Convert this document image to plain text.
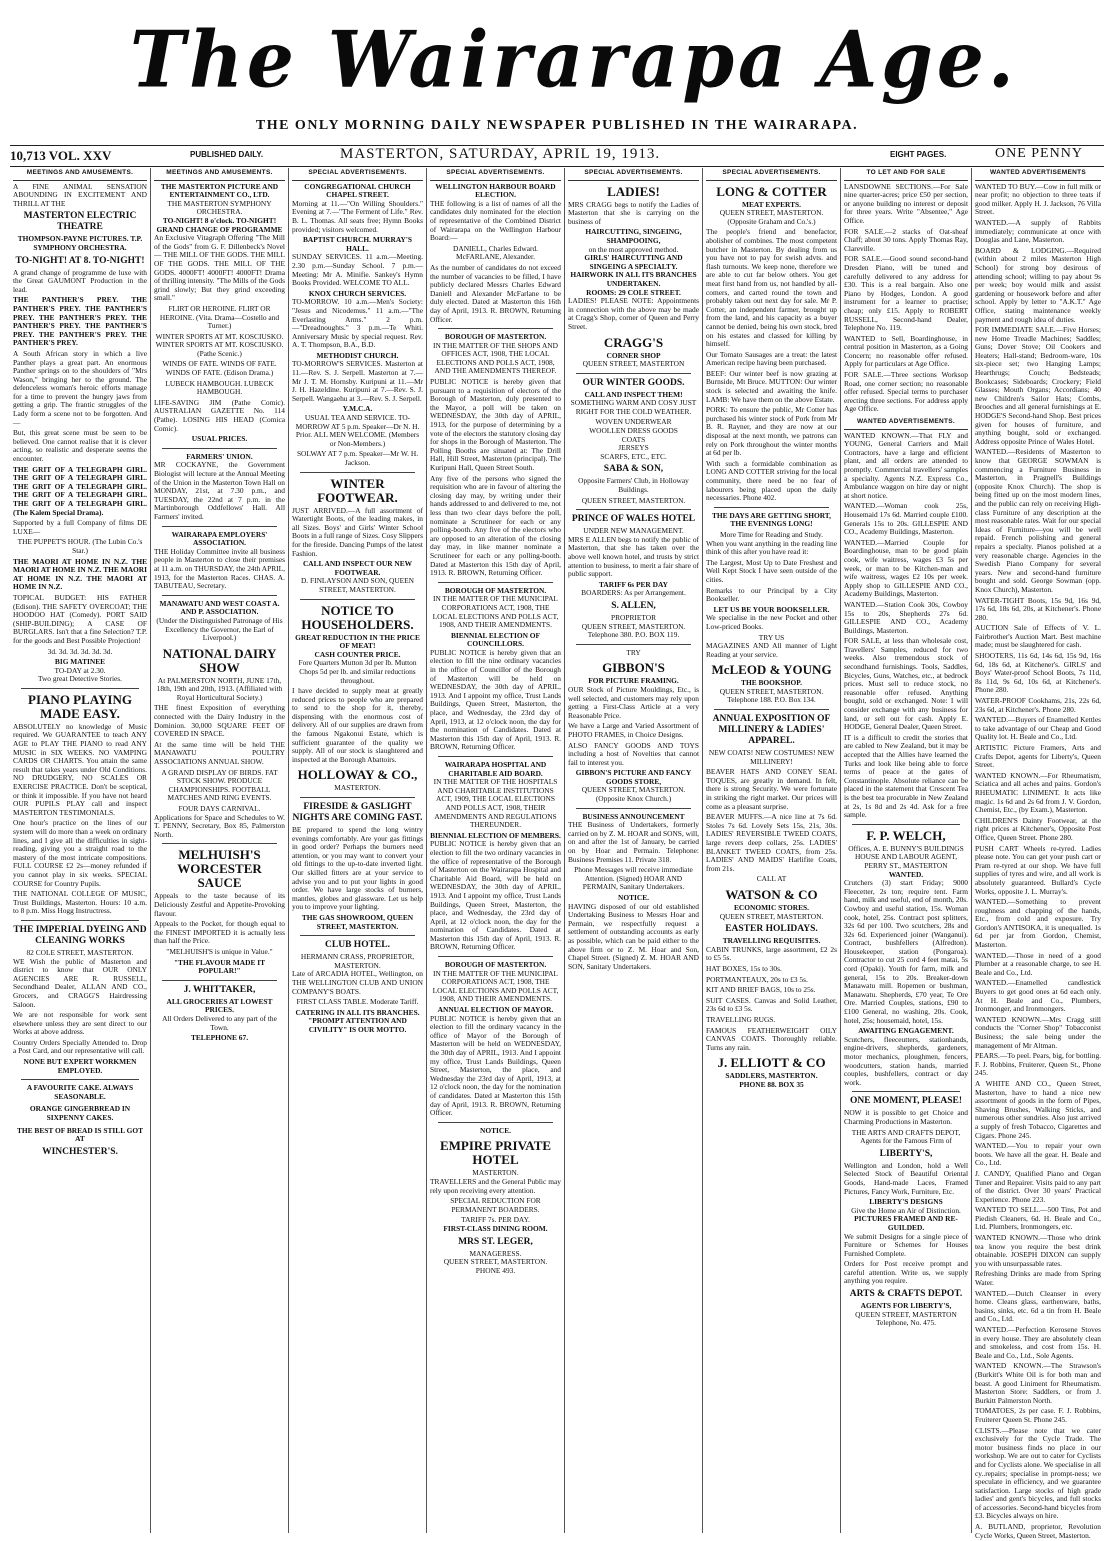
The Wairarapa Age.
THE ONLY MORNING DAILY NEWSPAPER PUBLISHED IN THE WAIRARAPA.
10,713 VOL. XXV	PUBLISHED DAILY.	MASTERTON, SATURDAY, APRIL 19, 1913.	EIGHT PAGES.	ONE PENNY
MEETINGS AND AMUSEMENTS.

A FINE ANIMAL SENSATION ABOUNDING IN EXCITEMENT AND THRILL AT THE

MASTERTON ELECTRIC THEATRE
THOMPSON-PAYNE PICTURES. T.P. SYMPHONY ORCHESTRA.
TO-NIGHT! AT 8. TO-NIGHT!

A grand change of programme de luxe with the Great GAUMONT Production in the lead.

THE PANTHER'S PREY. THE PANTHER'S PREY. THE PANTHER'S PREY. THE PANTHER'S PREY. THE PANTHER'S PREY. THE PANTHER'S PREY. THE PANTHER'S PREY. THE PANTHER'S PREY.

A South African story in which a live Panther plays a great part. An enormous Panther springs on to the shoulders of "Mrs Wason," bringing her to the ground. The defenceless woman's heroic efforts manage for a time to prevent the hungry jaws from getting a grip. The frantic struggles of the Lady form a scene not to be forgotten. And—

But, this great scene must be seen to be believed. One cannot realise that it is clever acting, so realistic and desperate seems the encounter.

THE GRIT OF A TELEGRAPH GIRL. THE GRIT OF A TELEGRAPH GIRL. THE GRIT OF A TELEGRAPH GIRL. THE GRIT OF A TELEGRAPH GIRL. THE GRIT OF A TELEGRAPH GIRL. (The Kalem Special Drama).

Supported by a full Company of films DE LUXE—

THE PUPPET'S HOUR. (The Lubin Co.'s Star.)

THE MAORI AT HOME IN N.Z. THE MAORI AT HOME IN N.Z. THE MAORI AT HOME IN N.Z. THE MAORI AT HOME IN N.Z.

TOPICAL BUDGET: HIS FATHER (Edison). THE SAFETY OVERCOAT; THE HOODOO HAT (Comedy). PORT SAID (SHIP-BUILDING); A CASE OF BURGLARS. Isn't that a fine Selection? T.P. for the goods and Best Possible Projection!

3d. 3d. 3d. 3d. 3d. 3d.

BIG MATINEE
TO-DAY at 2.30.
Two great Detective Stories.
PIANO PLAYING MADE EASY.

ABSOLUTELY no knowledge of Music required. We GUARANTEE to teach ANY AGE to PLAY THE PIANO to read ANY MUSIC in SIX WEEKS. NO VAMPING CARDS OR CHARTS. You attain the same result that takes years under Old Conditions. NO DRUDGERY, NO SCALES OR EXERCISE PRACTICE. Don't be sceptical, or think it impossible. If you have not heard OUR PUPILS PLAY call and inspect MASTERTON TESTIMONIALS.

One hour's practice on the lines of our system will do more than a week on ordinary lines, and I give all the difficulties in sight-reading, giving you a straight road to the mastery of the most intricate compositions. FULL COURSE £2 2s—money refunded if you cannot play in six weeks. SPECIAL COURSE for Country Pupils.

THE NATIONAL COLLEGE OF MUSIC, Trust Buildings, Masterton. Hours: 10 a.m. to 8 p.m. Miss Hogg Instructress.

THE IMPERIAL DYEING AND CLEANING WORKS
82 COLE STREET, MASTERTON.

WE Wish the public of Masterton and district to know that OUR ONLY AGENCIES ARE R. RUSSELL, Secondhand Dealer, ALLAN AND CO., Grocers, and CRAGG'S Hairdressing Saloon.

We are not responsible for work sent elsewhere unless they are sent direct to our Works at above address.

Country Orders Specially Attended to. Drop a Post Card, and our representative will call.

NONE BUT EXPERT WORKMEN EMPLOYED.
A FAVOURITE CAKE. ALWAYS SEASONABLE.
ORANGE GINGERBREAD IN SIXPENNY CAKES.
THE BEST OF BREAD IS STILL GOT AT
WINCHESTER'S.
MEETINGS AND AMUSEMENTS.
THE MASTERTON PICTURE AND ENTERTAINMENT CO., LTD.
THE MASTERTON SYMPHONY ORCHESTRA.
TO-NIGHT! 8 o'clock. TO-NIGHT!
GRAND CHANGE OF PROGRAMME

An Exclusive Vitagraph Offering "The Mill of the Gods" from G. F. Dillenbeck's Novel— THE MILL OF THE GODS. THE MILL OF THE GODS. THE MILL OF THE GODS. 4000FT! 4000FT! 4000FT! Drama of thrilling intensity. "The Mills of the Gods grind slowly; But they grind exceeding small."

FLIRT OR HEROINE. FLIRT OR HEROINE. (Vita. Drama—Costello and Turner.)

WINTER SPORTS AT MT. KOSCIUSKO. WINTER SPORTS AT MT. KOSCIUSKO. (Pathe Scenic.)

WINDS OF FATE. WINDS OF FATE. WINDS OF FATE. (Edison Drama.)

LUBECK HAMBOUGH. LUBECK HAMBOUGH.

LIFE-SAVING JIM (Pathe Comic). AUSTRALIAN GAZETTE No. 114 (Pathe). LOSING HIS HEAD (Comica Comic).

USUAL PRICES.
FARMERS' UNION.

MR COCKAYNE, the Government Biologist will lecture at the Annual Meeting of the Union in the Masterton Town Hall on MONDAY, 21st, at 7.30 p.m., and TUESDAY, the 22nd at 7 p.m. in the Martinborough Oddfellows' Hall. All Farmers' invited.

WAIRARAPA EMPLOYERS' ASSOCIATION.

THE Holiday Committee invite all business people in Masterton to close their premises at 11 a.m. on THURSDAY, the 24th APRIL, 1913, for the Masterton Races. CHAS. A. TABUTEAU, Secretary.

MANAWATU AND WEST COAST A. AND P. ASSOCIATION.

(Under the Distinguished Patronage of His Excellency the Governor, the Earl of Liverpool.)

NATIONAL DAIRY SHOW

At PALMERSTON NORTH, JUNE 17th, 18th, 19th and 20th, 1913. (Affiliated with Royal Horticultural Society.)

THE finest Exposition of everything connected with the Dairy Industry in the Dominion. 30,000 SQUARE FEET OF COVERED IN SPACE.

At the same time will be held THE MANAWATU POULTRY ASSOCIATIONS ANNUAL SHOW.

A GRAND DISPLAY OF BIRDS. FAT STOCK SHOW. PRODUCE CHAMPIONSHIPS. FOOTBALL MATCHES AND RING EVENTS.

FOUR DAYS CARNIVAL.

Applications for Space and Schedules to W. T. PENNY, Secretary, Box 85, Palmerston North.

MELHUISH'S WORCESTER SAUCE

Appeals to the taste because of its Deliciously Zestful and Appetite-Provoking flavour.

Appeals to the Pocket, for though equal to the FINEST IMPORTED it is actually less than half the Price.

"MELHUISH'S is unique in Value."

"THE FLAVOUR MADE IT POPULAR!"
J. WHITTAKER,
ALL GROCERIES AT LOWEST PRICES.

All Orders Delivered to any part of the Town.

TELEPHONE 67.
SPECIAL ADVERTISEMENTS.
CONGREGATIONAL CHURCH CHAPEL STREET.

Morning at 11.—"On Willing Shoulders." Evening at 7.—"The Ferment of Life." Rev. B. L. Thomas. All seats free; Hymn Books provided; visitors welcomed.

BAPTIST CHURCH. MURRAY'S HALL.

SUNDAY SERVICES. 11 a.m.—Meeting. 2.30 p.m.—Sunday School. 7 p.m.—Meeting: Mr A. Minifie. Sankey's Hymn Books Provided. WELCOME TO ALL.

KNOX CHURCH SERVICES.

TO-MORROW. 10 a.m.—Men's Society: "Jesus and Nicodemus." 11 a.m.—"The Everlasting Arms." 2 p.m.—"Dreadnoughts." 3 p.m.—Te Whiti. Anniversary Music by special request. Rev. A. T. Thompson, B.A., B.D.

METHODIST CHURCH.

TO-MORROW'S SERVICES. Masterton at 11.—Rev. S. J. Serpell. Masterton at 7.—Mr J. T. M. Hornsby. Kuripuni at 11.—Mr J. H. Hazeldine. Kuripuni at 7.—Rev. S. J. Serpell. Wangaehu at 3.—Rev. S. J. Serpell.

Y.M.C.A.

USUAL TEA AND SERVICE. TO-MORROW AT 5 p.m. Speaker—Dr N. H. Prior. ALL MEN WELCOME. (Members or Non-Members.)

SOLWAY AT 7 p.m. Speaker—Mr W. H. Jackson.

WINTER FOOTWEAR.

JUST ARRIVED.—A full assortment of Watertight Boots, of the leading makes, in all Sizes. Boys' and Girls' Winter School Boots in a full range of Sizes. Cosy Slippers for the fireside. Dancing Pumps of the latest Fashion.

CALL AND INSPECT OUR NEW FOOTWEAR.
D. FINLAYSON AND SON, QUEEN STREET, MASTERTON.
NOTICE TO HOUSEHOLDERS.
GREAT REDUCTION IN THE PRICE OF MEAT!
CASH COUNTER PRICE.

Fore Quarters Mutton 3d per lb. Mutton Chops 5d per lb. and similar reductions throughout.

I have decided to supply meat at greatly reduced prices to people who are prepared to send to the shop for it, thereby, dispensing with the enormous cost of delivery. All of our supplies are drawn from the famous Ngakonui Estate, which is sufficient guarantee of the quality we supply. All of our stock is slaughtered and inspected at the Borough Abattoirs.

HOLLOWAY & CO.,
MASTERTON.
FIRESIDE & GASLIGHT NIGHTS ARE COMING FAST.

BE prepared to spend the long wintry evenings comfortably. Are your gas fittings in good order? Perhaps the burners need attention, or you may want to convert your old fittings to the up-to-date inverted light. Our skilled fitters are at your service to advise you and to put your lights in good order. We have large stocks of burners, mantles, globes and glassware. Let us help you to improve your lighting.

THE GAS SHOWROOM, QUEEN STREET, MASTERTON.
CLUB HOTEL.
HERMANN CRASS, PROPRIETOR, MASTERTON.

Late of ARCADIA HOTEL, Wellington, on THE WELLINGTON CLUB AND UNION COMPANY'S BOATS.

FIRST CLASS TABLE. Moderate Tariff.

CATERING IN ALL ITS BRANCHES.
"PROMPT ATTENTION AND CIVILITY" IS OUR MOTTO.
SPECIAL ADVERTISEMENTS.
WELLINGTON HARBOUR BOARD ELECTION.

THE following is a list of names of all the candidates duly nominated for the election of representative of the Combined District of Wairarapa on the Wellington Harbour Board:—

DANIELL, Charles Edward. McFARLANE, Alexander.

As the number of candidates do not exceed the number of vacancies to be filled, I have publicly declared Messrs Charles Edward Daniell and Alexander McFarlane to be duly elected. Dated at Masterton this 16th day of April, 1913. R. BROWN, Returning Officer.

BOROUGH OF MASTERTON.

IN THE MATTER OF THE SHOPS AND OFFICES ACT, 1908, THE LOCAL ELECTIONS AND POLLS ACT, 1908, AND THE AMENDMENTS THEREOF.

PUBLIC NOTICE is hereby given that pursuant to a requisition of electors of the Borough of Masterton, duly presented to the Mayor, a poll will be taken on WEDNESDAY, the 30th day of APRIL, 1913, for the purpose of determining by a vote of the electors the statutory closing day for shops in the Borough of Masterton. The Polling Booths are situated at: The Drill Hall, Hill Street, Masterton (principal). The Kuripuni Hall, Queen Street South.

Any five of the persons who signed the requisition who are in favour of altering the closing day may, by writing under their hands addressed to and delivered to me, not less than two clear days before the poll, nominate a Scrutineer for each or any polling-booth. Any five of the electors who are opposed to an alteration of the closing day may, in like manner nominate a Scrutineer for each or any polling-booth. Dated at Masterton this 15th day of April, 1913. R. BROWN, Returning Officer.

BOROUGH OF MASTERTON.

IN THE MATTER OF THE MUNICIPAL CORPORATIONS ACT, 1908, THE LOCAL ELECTIONS AND POLLS ACT, 1908, AND THEIR AMENDMENTS.

BIENNIAL ELECTION OF COUNCILLORS.

PUBLIC NOTICE is hereby given that an election to fill the nine ordinary vacancies in the office of Councillor of the Borough of Masterton will be held on WEDNESDAY, the 30th day of APRIL, 1913. And I appoint my office, Trust Lands Buildings, Queen Street, Masterton, the place, and Wednesday, the 23rd day of April, 1913, at 12 o'clock noon, the day for the nomination of Candidates. Dated at Masterton this 15th day of April, 1913. R. BROWN, Returning Officer.

WAIRARAPA HOSPITAL AND CHARITABLE AID BOARD.

IN THE MATTER OF THE HOSPITALS AND CHARITABLE INSTITUTIONS ACT, 1909, THE LOCAL ELECTIONS AND POLLS ACT, 1908, THEIR AMENDMENTS AND REGULATIONS THEREUNDER.

BIENNIAL ELECTION OF MEMBERS.

PUBLIC NOTICE is hereby given that an election to fill the two ordinary vacancies in the office of representative of the Borough of Masterton on the Wairarapa Hospital and Charitable Aid Board, will be held on WEDNESDAY, the 30th day of APRIL, 1913. And I appoint my office, Trust Lands Buildings, Queen Street, Masterton, the place, and Wednesday, the 23rd day of April, at 12 o'clock noon, the day for the nomination of Candidates. Dated at Masterton this 15th day of April, 1913. R. BROWN, Returning Officer.

BOROUGH OF MASTERTON.

IN THE MATTER OF THE MUNICIPAL CORPORATIONS ACT, 1908, THE LOCAL ELECTIONS AND POLLS ACT, 1908, AND THEIR AMENDMENTS.

ANNUAL ELECTION OF MAYOR.

PUBLIC NOTICE is hereby given that an election to fill the ordinary vacancy in the office of Mayor of the Borough of Masterton will be held on WEDNESDAY, the 30th day of APRIL, 1913. And I appoint my office, Trust Lands Buildings, Queen Street, Masterton, the place, and Wednesday the 23rd day of April, 1913, at 12 o'clock noon, the day for the nomination of candidates. Dated at Masterton this 15th day of April, 1913. R. BROWN, Returning Officer.

NOTICE.
EMPIRE PRIVATE HOTEL
MASTERTON.

TRAVELLERS and the General Public may rely upon receiving every attention.

SPECIAL REDUCTION FOR PERMANENT BOARDERS.

TARIFF 7s. PER DAY.
FIRST-CLASS DINING ROOM.
MRS ST. LEGER,
MANAGERESS.
QUEEN STREET, MASTERTON.
PHONE 493.
SPECIAL ADVERTISEMENTS.
LADIES!

MRS CRAGG begs to notify the Ladies of Masterton that she is carrying on the business of

HAIRCUTTING, SINGEING, SHAMPOOING,
on the most approved method.
GIRLS' HAIRCUTTING AND SINGEING A SPECIALTY.
HAIRWORK IN ALL ITS BRANCHES UNDERTAKEN.
ROOMS: 29 COLE STREET.

LADIES! PLEASE NOTE: Appointments in connection with the above may be made at Cragg's Shop, corner of Queen and Perry Street.

CRAGG'S
CORNER SHOP
QUEEN STREET, MASTERTON
OUR WINTER GOODS.
CALL AND INSPECT THEM!

SOMETHING WARM AND COSY JUST RIGHT FOR THE COLD WEATHER.

WOVEN UNDERWEAR
WOOLLEN DRESS GOODS
COATS
JERSEYS
SCARFS, ETC., ETC.
SABA & SON,

Opposite Farmers' Club, in Holloway Buildings.

QUEEN STREET, MASTERTON.
PRINCE OF WALES HOTEL
UNDER NEW MANAGEMENT.

MRS E ALLEN begs to notify the public of Masterton, that she has taken over the above well known hotel, and trusts by strict attention to business, to merit a fair share of public support.

TARIFF 6s PER DAY
BOARDERS: As per Arrangement.
S. ALLEN,
PROPRIETOR

QUEEN STREET, MASTERTON. Telephone 380. P.O. BOX 119.

TRY
GIBBON'S
FOR PICTURE FRAMING.

OUR Stock of Picture Mouldings, Etc., is well selected, and customers may rely upon getting a First-Class Article at a very Reasonable Price.

We have a Large and Varied Assortment of PHOTO FRAMES, in Choice Designs.

ALSO FANCY GOODS AND TOYS including a host of Novelties that cannot fail to interest you.

GIBBON'S PICTURE AND FANCY GOODS STORE,

QUEEN STREET, MASTERTON. (Opposite Knox Church.)

BUSINESS ANNOUNCEMENT

THE Business of Undertakers, formerly carried on by Z. M. HOAR and SONS, will, on and after the 1st of January, be carried on by Hoar and Permain. Telephone: Business Premises 11. Private 318.

Phone Messages will receive immediate Attention. (Signed) HOAR AND PERMAIN, Sanitary Undertakers.

NOTICE.

HAVING disposed of our old established Undertaking Business to Messrs Hoar and Permain, we respectfully request a settlement of outstanding accounts as early as possible, which can be paid either to the above firm or to Z. M. Hoar and Son, Chapel Street. (Signed) Z. M. HOAR AND SON, Sanitary Undertakers.

SPECIAL ADVERTISEMENTS.
LONG & COTTER
MEAT EXPERTS.

QUEEN STREET, MASTERTON. (Opposite Graham and Co.'s.)

The people's friend and benefactor, abolisher of combines. The most competent butcher in Masterton. By dealing from us you have not to pay for swish advts. and flash turnouts. We keep none, therefore we are able to cut far below others. You get meat first hand from us, not handled by all-comers, and carted round the town and probably taken out next day for sale. Mr P. Cotter, an independent farmer, brought up from the land, and his capacity as a buyer cannot be denied, being his own stock, bred on his estates and classed for killing by himself.

Our Tomato Sausages are a treat: the latest American recipe having been purchased.

BEEF: Our winter beef is now grazing at Burnside, Mt Bruce. MUTTON: Our winter stock is selected and awaiting the knife. LAMB: We have them on the above Estate.

PORK: To ensure the public, Mr Cotter has purchased his winter stock of Pork from Mr B. R. Rayner, and they are now at our disposal at the next month, we patrons can rely on Pork throughout the winter months at 6d per lb.

With such a formidable combination as LONG AND COTTER striving for the local community, there need be no fear of labourers being placed upon the daily necessaries. Phone 402.

THE DAYS ARE GETTING SHORT, THE EVENINGS LONG!

More Time for Reading and Study.

When you want anything in the reading line think of this after you have read it:

The Largest, Most Up to Date Freshest and Well Kept Stock I have seen outside of the cities.

Remarks to our Principal by a City Bookseller.

LET US BE YOUR BOOKSELLER.

We specialise in the new Pocket and other Low-priced Books.

TRY US

MAGAZINES AND All manner of Light Reading at your service.

McLEOD & YOUNG
THE BOOKSHOP.

QUEEN STREET, MASTERTON. Telephone 188. P.O. Box 134.

ANNUAL EXPOSITION OF MILLINERY & LADIES' APPAREL.

NEW COATS! NEW COSTUMES! NEW MILLINERY!

BEAVER HATS AND CONEY SEAL TOQUES, are greatly in demand. In felt, there is strong Security. We were fortunate in striking the right market. Our prices will come as a pleasant surprise.

BEAVER MUFFS.—A nice line at 7s 6d. Stoles 7s 6d. Lovely Sets 15s, 21s, 30s. LADIES' REVERSIBLE TWEED COATS, large revers deep collars, 25s. LADIES' BLANKET TWEED COATS, from 25s. LADIES' AND MAIDS' Harlifite Coats, from 21s.

CALL AT
WATSON & CO
ECONOMIC STORES.
QUEEN STREET, MASTERTON.
EASTER HOLIDAYS.
TRAVELLING REQUISITES.

CABIN TRUNKS, large assortment, £2 2s to £5 5s.

HAT BOXES, 15s to 30s.

PORTMANTEAUX, 20s to £3 5s.

KIT AND BRIEF BAGS, 10s to 25s.

SUIT CASES. Canvas and Solid Leather, 23s 6d to £3 5s.

TRAVELLING RUGS.

FAMOUS FEATHERWEIGHT OILY CANVAS COATS. Thoroughly reliable. Turns any rain.

J. ELLIOTT & CO
SADDLERS, MASTERTON.
PHONE 88. BOX 35
TO LET AND FOR SALE

LANSDOWNE SECTIONS.—For Sale nine quarter-acres; price £50 per section, or anyone building no interest or deposit for three years. Write "Absentee," Age Office.

FOR SALE.—2 stacks of Oat-sheaf Chaff; about 30 tons. Apply Thomas Ray, Clareville.

FOR SALE.—Good sound second-hand Dresden Piano, will be tuned and carefully delivered to any address for £30. This is a real bargain. Also one Piano by Hodges, London. A good instrument for a learner to practise; cheap; only £15. Apply to ROBERT RUSSELL, Second-hand Dealer, Telephone No. 119.

WANTED to Sell, Boardinghouse, in central position in Masterton, as a Going Concern; no reasonable offer refused. Apply for particulars at Age Office.

FOR SALE.—Three sections Worksop Road, one corner section; no reasonable offer refused. Special terms to purchaser erecting three sections. For address apply Age Office.

WANTED ADVERTISEMENTS.

WANTED KNOWN.—That FLY and YOUNG, General Carriers and Mail Contractors, have a large and efficient plant, and all orders are attended to promptly. Commercial travellers' samples a specialty. Agents N.Z. Express Co., Ambulance waggon on hire day or night at short notice.

WANTED.—Woman cook 25s, Housemaid 17s 6d. Married couple £100. Generals 15s to 20s. GILLESPIE AND CO., Academy Buildings, Masterton.

WANTED.—Married Couple for Boardinghouse, man to be good plain cook, wife waitress, wages £3 5s per week, or man to be Kitchen-man and wife waitress, wages £2 10s per week. Apply shop to GILLESPIE AND CO., Academy Buildings, Masterton.

WANTED.—Station Cook 30s, Cowboy 15s to 20s, Shepherds 27s 6d. GILLESPIE AND CO., Academy Buildings, Masterton.

FOR SALE, at less than wholesale cost, Travellers' Samples, reduced for two weeks. Also tremendous stock of secondhand furnishings. Tools, Saddles, Bicycles, Guns, Watches, etc., at bedrock prices. Must sell to reduce stock, no reasonable offer refused. Anything bought, sold or exchanged. Note: I will consider exchange with any business for land, or sell out for cash. Apply E. HODGE, General Dealer, Queen Street.

IT is a difficult to credit the stories that are cabled to New Zealand, but it may be accepted that the Allies have learned the Turks and look like being able to force terms of peace at the gates of Constantinople. Absolute reliance can be placed in the statement that Crescent Tea is the best tea procurable in New Zealand at 2s, 1s 8d and 2s 4d. Ask for a free sample.

F. P. WELCH,
Offices, A. E. BUNNY'S BUILDINGS
HOUSE AND LABOUR AGENT,
PERRY ST., MASTERTON
WANTED.

Crutchers (3) start Friday; 9000 Fleecetter, 2s ton; require tent. Farm hand, milk and useful, end of month, 20s. Cowboy and useful station, 15s. Woman cook, hotel, 25s. Contract post splitters, 32s 6d per 100. Two scutchers, 28s and 32s 6d. Experienced joiner (Wanganui). Contract, bushfellers (Alfredton). Housekeeper, station (Pongaroa). Contractor to cut 25 cord 4 feet matai, 5s cord (Opaki). Youth for farm, milk and general, 15s to 20s. Breaker-down Manawatu mill. Ropemen or bushman, Manawatu. Shepherds, £70 year, Te Ore Ore. Married Couples, stations, £90 to £100 General, no washing, 20s. Cook, hotel, 25s; housemaid, hotel, 15s.

AWAITING ENGAGEMENT.

Scutchers, fleeceutters, stationhands, engine-drivers, shepherds, gardeners, motor mechanics, ploughmen, fencers, woodcutters, station hands, married couples, bushfellers, contract or day work.

ONE MOMENT, PLEASE!

NOW it is possible to get Choice and Charming Productions in Masterton.

THE ARTS AND CRAFTS DEPOT,
Agents for the Famous Firm of
LIBERTY'S,

Wellington and London, hold a Well Selected Stock of Beautiful Oriental Goods, Hand-made Laces, Framed Pictures, Fancy Work, Furniture, Etc.

LIBERTY'S DESIGNS
Give the Home an Air of Distinction.
PICTURES FRAMED AND RE-GUILDED.

We submit Designs for a single piece of Furniture or Schemes for Houses Furnished Complete.

Orders for Post receive prompt and careful attention. Write us, we supply anything you require.

ARTS & CRAFTS DEPOT.
AGENTS FOR LIBERTY'S,
QUEEN STREET, MASTERTON
Telephone, No. 475.
WANTED ADVERTISEMENTS

WANTED TO BUY.—Cow in full milk or near profit; no objection to three teats if good milker. Apply H. J. Jackson, 76 Villa Street.

WANTED.—A supply of Rabbits immediately; communicate at once with Douglas and Lane, Masterton.

BOARD & LODGING.—Required (within about 2 miles Masterton High School) for strong boy desirous of attending school; willing to pay about 9s per week; boy would milk and assist gardening or housework before and after school. Apply by letter to "A.K.T." Age Office, stating maintenance weekly payment and rough idea of duties.

FOR IMMEDIATE SALE.—Five Horses; new Home Treadle Machines; Saddles; Guns; Dover Stove; Oil Cookers and Heaters; Hall-stand; Bedroom-ware, 10s six-piece set; two Hanging Lamps; Hearthrugs; Couch; Bedsteads; Bookcases; Sideboards; Crockery; Field Glasses; Mouth Organs; Accordians; 40 new Children's Sailor Hats; Combs, Brooches and all general furnishings at E. HODGE'S Second-hand Shop. Best prices given for houses of furniture, and anything bought, sold or exchanged. Address opposite Prince of Wales Hotel.

WANTED.—Residents of Masterton to know that GEORGE SOWMAN is commencing a Furniture Business in Masterton, in Pragnell's Buildings (opposite Knox Church). The shop is being fitted up on the most modern lines, and the public can rely on receiving High-class Furniture of any description at the most reasonable rates. Wait for our special Ideas of Furniture—you will be well repaid. French polishing and general repairs a specialty. Pianos polished at a very reasonable charge. Agencies in the Swedish Piano Company for several years. New and second-hand furniture bought and sold. George Sowman (opp. Knox Church), Masterton.

WATER-TIGHT Boots, 15s 9d, 16s 9d, 17s 6d, 18s 6d, 20s, at Kitchener's. Phone 280.

AUCTION Sale of Effects of V. L. Fairbrother's Auction Mart. Best machine made; must be slaughtered for cash.

SHOOTERS, 11s 6d, 14s 6d, 15s 9d, 16s 6d, 18s 6d, at Kitchener's. GIRLS' and Boys' Water-proof School Boots, 7s 11d, 8s 11d, 9s 6d, 10s 6d, at Kitchener's. Phone 280.

WATER-PROOF Cookhams, 21s, 22s 6d, 23s 6d, at Kitchener's. Phone 280.

WANTED.—Buyers of Enamelled Kettles to take advantage of our Cheap and Good Quality lot. H. Beale and Co., Ltd.

ARTISTIC Picture Framers, Arts and Crafts Depot, agents for Liberty's, Queen Street.

WANTED KNOWN.—For Rheumatism, Sciatica and all aches and pains. Gordon's RHEUMATIC LINIMENT. It acts like magic. 1s 6d and 2s 6d from J. V. Gordon, Chemist, Etc., (by Exam.), Masterton.

CHILDREN'S Dainty Footwear, at the right prices at Kitchener's, Opposite Post Office, Queen Street. Phone 280.

PUSH CART Wheels re-tyred. Ladies please note. You can get your push cart or Pram re-tyred at our shop. We have full supplies of tyres and wire, and all work is absolutely guaranteed. Bullard's Cycle Works, opposite J. L. Murray's.

WANTED.—Something to prevent roughness and chapping of the hands, Etc., from cold and exposure. Try Gordon's ANTISOKA, it is unequalled. 1s 6d per jar from Gordon, Chemist, Masterton.

WANTED.—Those in need of a good Plumber at a reasonable charge, to see H. Beale and Co., Ltd.

WANTED.—Enamelled candlestick Buyers to get good ones at 6d each only. At H. Beale and Co., Plumbers, Ironmonger, and Ironmongers.

WANTED KNOWN.—Mrs Cragg still conducts the "Corner Shop" Tobacconist Business; the sale being under the management of Mr Altman.

PEARS.—To peel. Pears, big, for bottling. F. J. Robbins, Fruiterer, Queen St., Phone 245.

A WHITE AND CO., Queen Street, Masterton, have to hand a nice new assortment of goods in the form of Pipes, Shaving Brushes, Walking Sticks, and numerous other sundries. Also just arrived a supply of fresh Tobacco, Cigarettes and Cigars. Phone 245.

WANTED.—You to repair your own boots. We have all the gear. H. Beale and Co., Ltd.

J. CANDY, Qualified Piano and Organ Tuner and Repairer. Visits paid to any part of the district. Over 30 years' Practical Experience. Phone 223.

WANTED TO SELL.—500 Tins, Pot and Piedish Cleaners, 6d. H. Beale and Co., Ltd. Plumbers, Ironmongers, etc.

WANTED KNOWN.—Those who drink tea know you require the best drink obtainable. JOSEPH DIXON can supply you with unsurpassable rates.

Refreshing Drinks are made from Spring Water.

WANTED.—Dutch Cleanser in every home. Cleans glass, earthenware, baths, basins, sinks, etc. 6d a tin from H. Beale and Co., Ltd.

WANTED.—Perfection Kerosene Stoves in every house. They are absolutely clean and smokeless, and cost from 15s. H. Beale and Co., Ltd., Sole Agents.

WANTED KNOWN.—The Strawson's (Burkitt's White Oil is for both man and beast. A good Liniment for Rheumatism. Masterton Store: Saddlers, or from J. Burkitt Palmerston North.

TOMATOES, 2s per case. F. J. Robbins, Fruiterer Queen St. Phone 245.

CLISTS.—Please note that we cater exclusively for the Cycle Trade. The motor business finds no place in our workshop. We are out to cater for Cyclists and for Cyclists alone. We specialise in all cy..repairs; specialise in prompt-ness; we speculate in efficiency, and we guarantee satisfaction. Large stocks of high grade ladies' and gent's bicycles, and full stocks of accessories. Second-hand bicycles from £3. Bicycles always on hire.

A. BUTLAND, proprietor, Revolution Cycle Works, Queen Street, Masterton.
